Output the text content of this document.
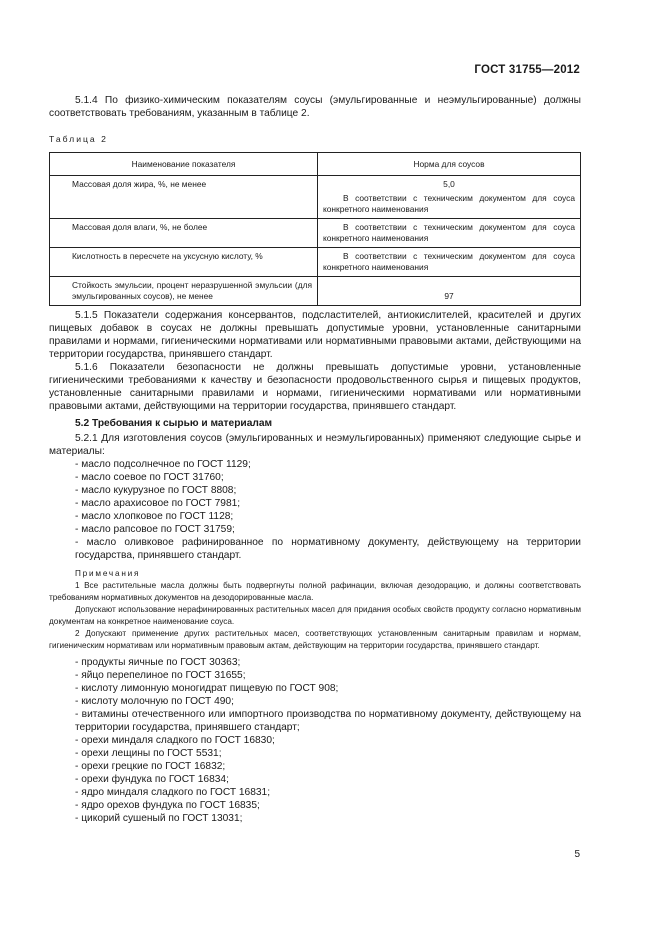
ГОСТ 31755—2012

5.1.4 По физико-химическим показателям соусы (эмульгированные и неэмульгированные) должны соответствовать требованиям, указанным в таблице 2.

Таблица 2
Наименование показателя	Норма для соусов
Массовая доля жира, %, не менее	5,0
В соответствии с техническим документом для соуса конкретного наименования

Массовая доля влаги, %, не более	В соответствии с техническим документом для соуса конкретного наименования

Кислотность в пересчете на уксусную кислоту, %	В соответствии с техническим документом для соуса конкретного наименования

Стойкость эмульсии, процент неразрушенной эмульсии (для эмульгированных соусов), не менее	97

5.1.5 Показатели содержания консервантов, подсластителей, антиокислителей, красителей и других пищевых добавок в соусах не должны превышать допустимые уровни, установленные санитарными правилами и нормами, гигиеническими нормативами или нормативными правовыми актами, действующими на территории государства, принявшего стандарт.

5.1.6 Показатели безопасности не должны превышать допустимые уровни, установленные гигиеническими требованиями к качеству и безопасности продовольственного сырья и пищевых продуктов, установленные санитарными правилами и нормами, гигиеническими нормативами или нормативными правовыми актами, действующими на территории государства, принявшего стандарт.

5.2 Требования к сырью и материалам

5.2.1 Для изготовления соусов (эмульгированных и неэмульгированных) применяют следующие сырье и материалы:

- масло подсолнечное по ГОСТ 1129;
- масло соевое по ГОСТ 31760;
- масло кукурузное по ГОСТ 8808;
- масло арахисовое по ГОСТ 7981;
- масло хлопковое по ГОСТ 1128;
- масло рапсовое по ГОСТ 31759;
- масло оливковое рафинированное по нормативному документу, действующему на территории государства, принявшего стандарт.
Примечания

1 Все растительные масла должны быть подвергнуты полной рафинации, включая дезодорацию, и должны соответствовать требованиям нормативных документов на дезодорированные масла.

Допускают использование нерафинированных растительных масел для придания особых свойств продукту согласно нормативным документам на конкретное наименование соуса.

2 Допускают применение других растительных масел, соответствующих установленным санитарным правилам и нормам, гигиеническим нормативам или нормативным правовым актам, действующим на территории государства, принявшего стандарт.

- продукты яичные по ГОСТ 30363;
- яйцо перепелиное по ГОСТ 31655;
- кислоту лимонную моногидрат пищевую по ГОСТ 908;
- кислоту молочную по ГОСТ 490;
- витамины отечественного или импортного производства по нормативному документу, действующему на территории государства, принявшего стандарт;
- орехи миндаля сладкого по ГОСТ 16830;
- орехи лещины по ГОСТ 5531;
- орехи грецкие по ГОСТ 16832;
- орехи фундука по ГОСТ 16834;
- ядро миндаля сладкого по ГОСТ 16831;
- ядро орехов фундука по ГОСТ 16835;
- цикорий сушеный по ГОСТ 13031;
5
